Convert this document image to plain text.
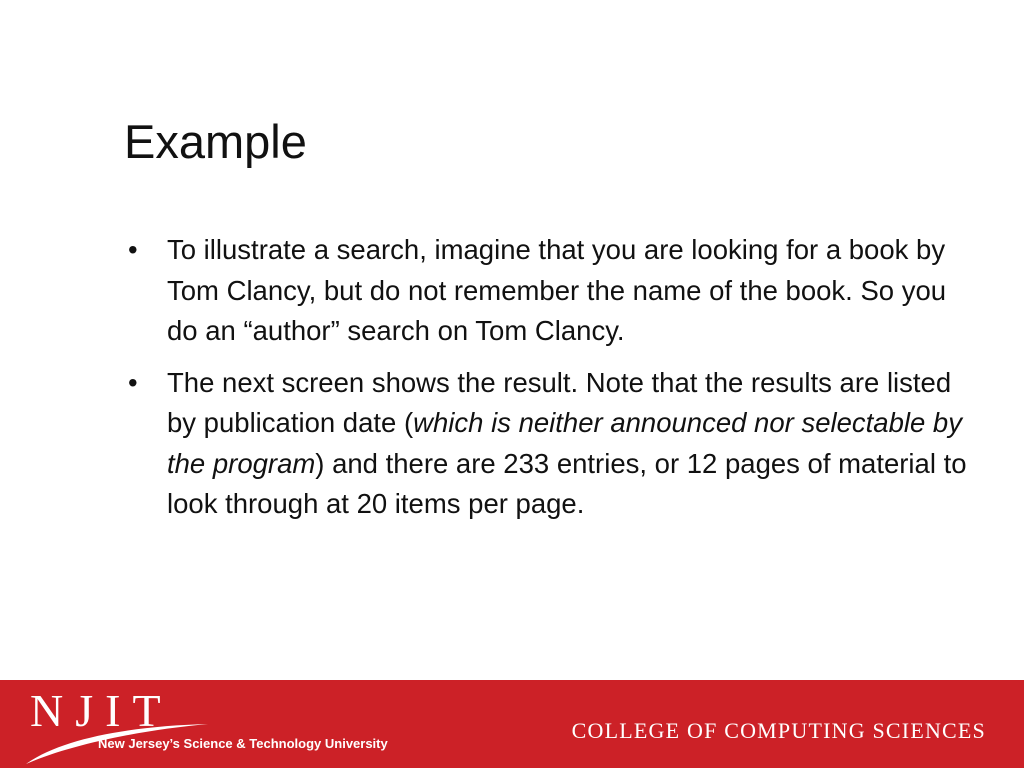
Example
• To illustrate a search, imagine that you are looking for a book by Tom Clancy, but do not remember the name of the book. So you do an “author” search on Tom Clancy.
• The next screen shows the result. Note that the results are listed by publication date (which is neither announced nor selectable by the program) and there are 233 entries, or 12 pages of material to look through at 20 items per page.
NJIT
New Jersey’s Science & Technology University
COLLEGE OF COMPUTING SCIENCES
